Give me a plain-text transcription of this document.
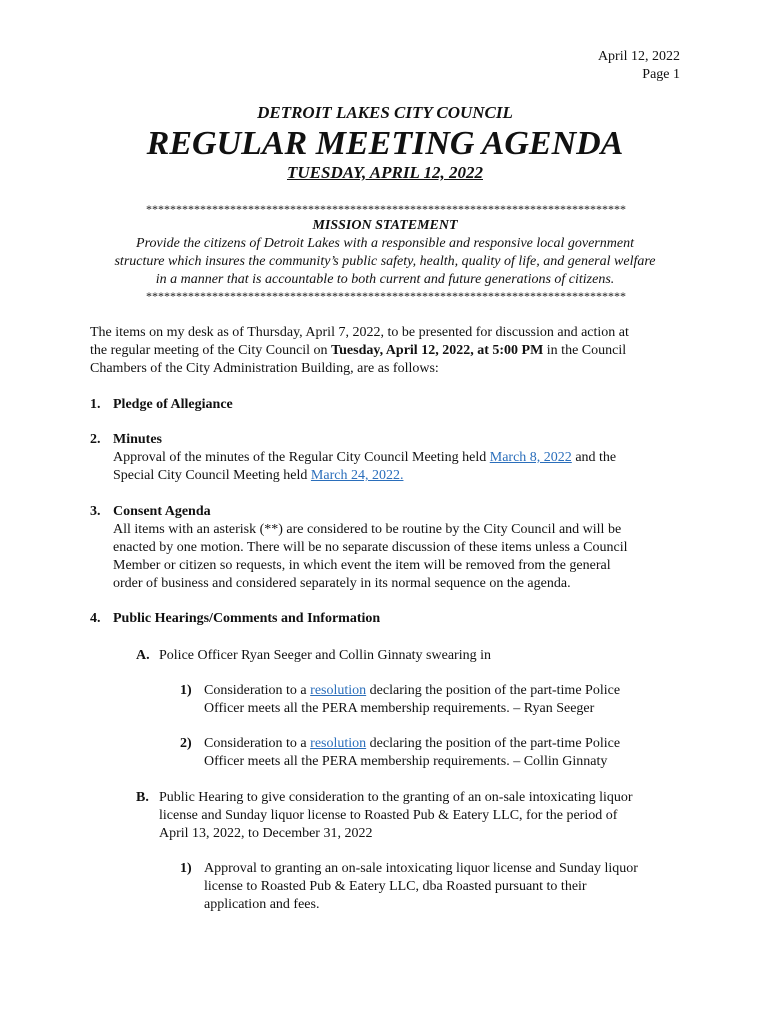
April 12, 2022
Page 1
DETROIT LAKES CITY COUNCIL
REGULAR MEETING AGENDA
TUESDAY, APRIL 12, 2022
********************************************************************************
MISSION STATEMENT
Provide the citizens of Detroit Lakes with a responsible and responsive local government
structure which insures the community’s public safety, health, quality of life, and general welfare
in a manner that is accountable to both current and future generations of citizens.
********************************************************************************
The items on my desk as of Thursday, April 7, 2022, to be presented for discussion and action at
the regular meeting of the City Council on Tuesday, April 12, 2022, at 5:00 PM in the Council
Chambers of the City Administration Building, are as follows:
1. Pledge of Allegiance
2. Minutes
Approval of the minutes of the Regular City Council Meeting held March 8, 2022 and the
Special City Council Meeting held March 24, 2022.
3. Consent Agenda
All items with an asterisk (**) are considered to be routine by the City Council and will be
enacted by one motion. There will be no separate discussion of these items unless a Council
Member or citizen so requests, in which event the item will be removed from the general
order of business and considered separately in its normal sequence on the agenda.
4. Public Hearings/Comments and Information
A. Police Officer Ryan Seeger and Collin Ginnaty swearing in
1) Consideration to a resolution declaring the position of the part-time Police
Officer meets all the PERA membership requirements. – Ryan Seeger
2) Consideration to a resolution declaring the position of the part-time Police
Officer meets all the PERA membership requirements. – Collin Ginnaty
B. Public Hearing to give consideration to the granting of an on-sale intoxicating liquor
license and Sunday liquor license to Roasted Pub & Eatery LLC, for the period of
April 13, 2022, to December 31, 2022
1) Approval to granting an on-sale intoxicating liquor license and Sunday liquor
license to Roasted Pub & Eatery LLC, dba Roasted pursuant to their
application and fees.
